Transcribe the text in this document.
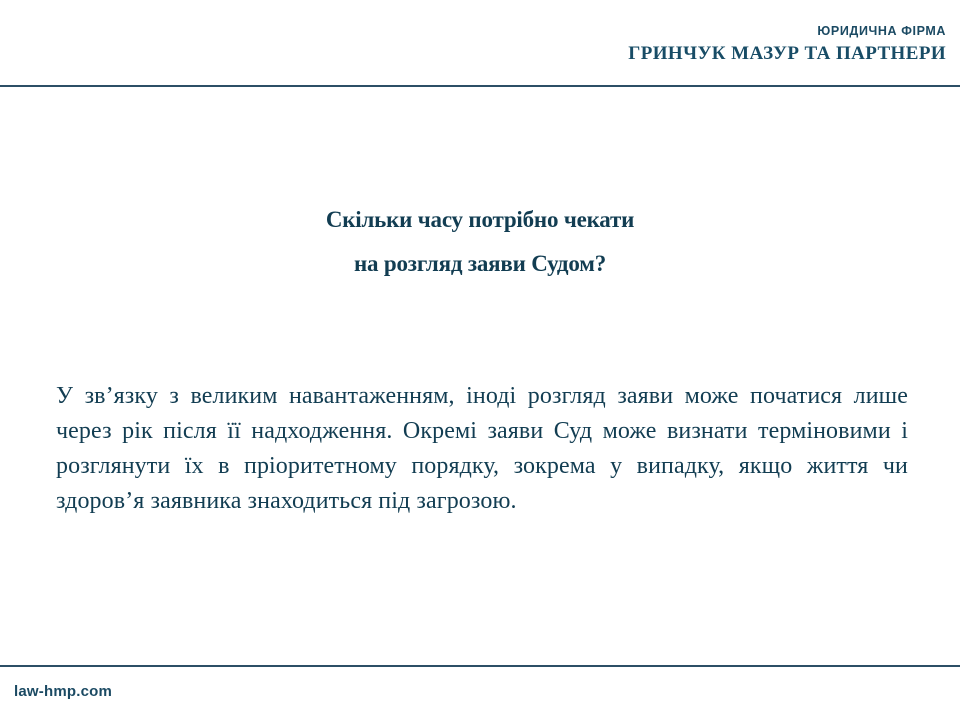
ЮРИДИЧНА ФІРМА
ГРИНЧУК МАЗУР ТА ПАРТНЕРИ
Скільки часу потрібно чекати
на розгляд заяви Судом?

У зв’язку з великим навантаженням, іноді розгляд заяви може початися лише через рік після її надходження. Окремі заяви Суд може визнати терміновими і розглянути їх в пріоритетному порядку, зокрема у випадку, якщо життя чи здоров’я заявника знаходиться під загрозою.

law-hmp.com
